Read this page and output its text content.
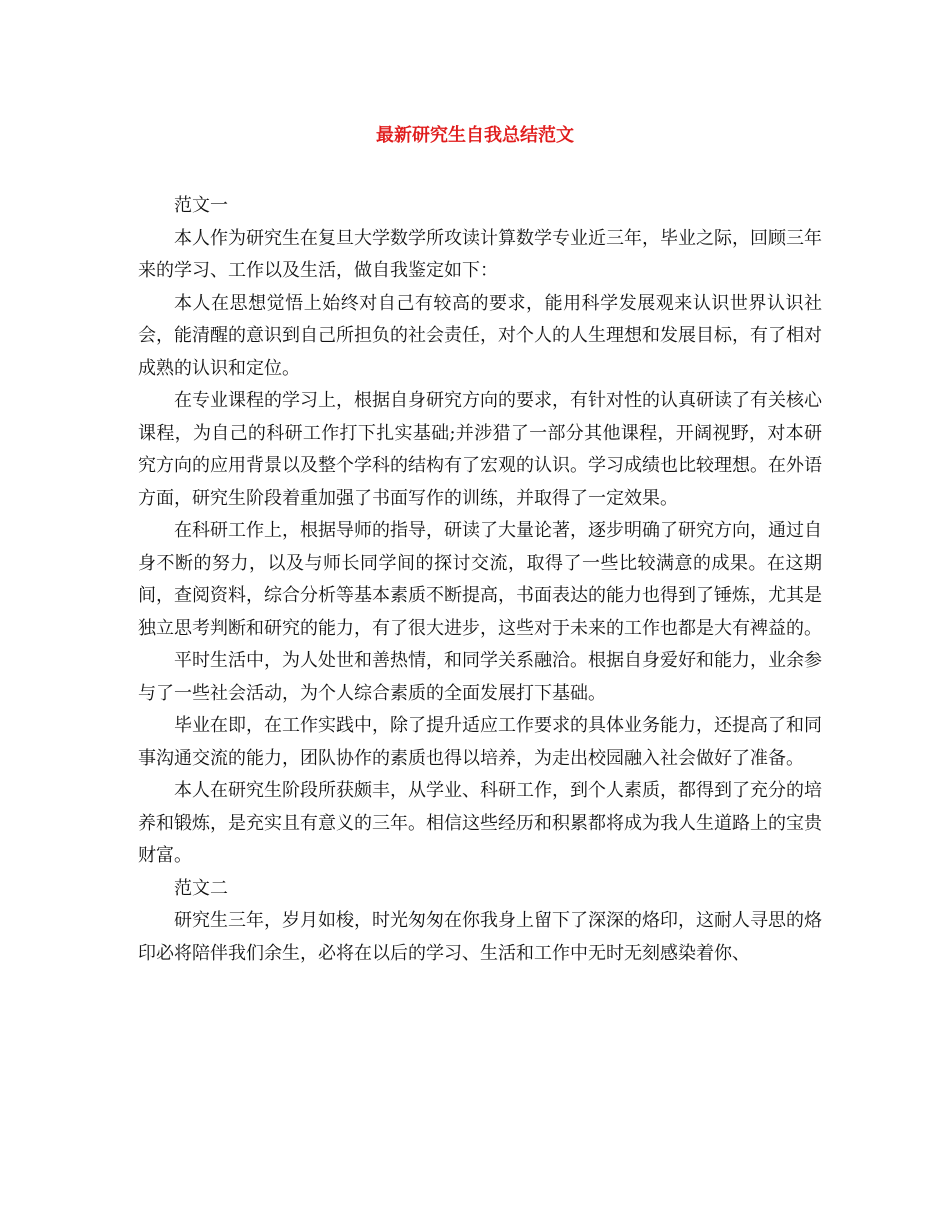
最新研究生自我总结范文

范文一

本人作为研究生在复旦大学数学所攻读计算数学专业近三年，毕业之际，回顾三年来的学习、工作以及生活，做自我鉴定如下：

本人在思想觉悟上始终对自己有较高的要求，能用科学发展观来认识世界认识社会，能清醒的意识到自己所担负的社会责任，对个人的人生理想和发展目标，有了相对成熟的认识和定位。

在专业课程的学习上，根据自身研究方向的要求，有针对性的认真研读了有关核心课程，为自己的科研工作打下扎实基础;并涉猎了一部分其他课程，开阔视野，对本研究方向的应用背景以及整个学科的结构有了宏观的认识。学习成绩也比较理想。在外语方面，研究生阶段着重加强了书面写作的训练，并取得了一定效果。

在科研工作上，根据导师的指导，研读了大量论著，逐步明确了研究方向，通过自身不断的努力，以及与师长同学间的探讨交流，取得了一些比较满意的成果。在这期间，查阅资料，综合分析等基本素质不断提高，书面表达的能力也得到了锤炼，尤其是独立思考判断和研究的能力，有了很大进步，这些对于未来的工作也都是大有裨益的。

平时生活中，为人处世和善热情，和同学关系融洽。根据自身爱好和能力，业余参与了一些社会活动，为个人综合素质的全面发展打下基础。

毕业在即，在工作实践中，除了提升适应工作要求的具体业务能力，还提高了和同事沟通交流的能力，团队协作的素质也得以培养，为走出校园融入社会做好了准备。

本人在研究生阶段所获颇丰，从学业、科研工作，到个人素质，都得到了充分的培养和锻炼，是充实且有意义的三年。相信这些经历和积累都将成为我人生道路上的宝贵财富。

范文二

研究生三年，岁月如梭，时光匆匆在你我身上留下了深深的烙印，这耐人寻思的烙印必将陪伴我们余生，必将在以后的学习、生活和工作中无时无刻感染着你、
